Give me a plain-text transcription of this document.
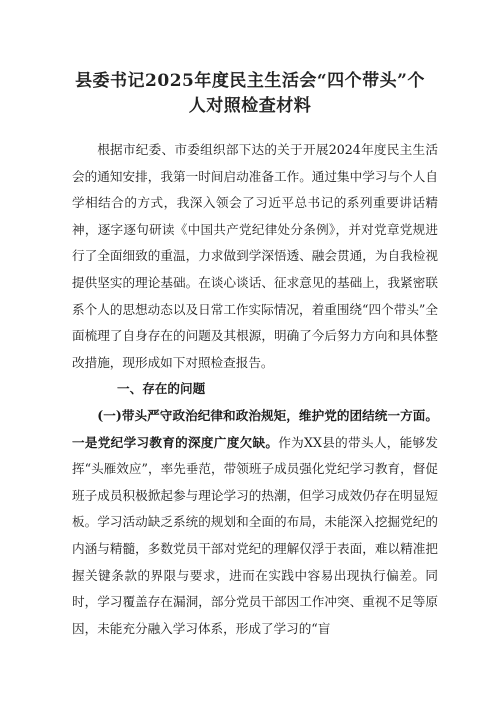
县委书记2025年度民主生活会“四个带头”个
人对照检查材料

根据市纪委、市委组织部下达的关于开展2024年度民主生活会的通知安排，我第一时间启动准备工作。通过集中学习与个人自学相结合的方式，我深入领会了习近平总书记的系列重要讲话精神，逐字逐句研读《中国共产党纪律处分条例》，并对党章党规进行了全面细致的重温，力求做到学深悟透、融会贯通，为自我检视提供坚实的理论基础。在谈心谈话、征求意见的基础上，我紧密联系个人的思想动态以及日常工作实际情况，着重围绕“四个带头”全面梳理了自身存在的问题及其根源，明确了今后努力方向和具体整改措施，现形成如下对照检查报告。

一、存在的问题

(一)带头严守政治纪律和政治规矩，维护党的团结统一方面。一是党纪学习教育的深度广度欠缺。作为XX县的带头人，能够发挥“头雁效应”，率先垂范，带领班子成员强化党纪学习教育，督促班子成员积极掀起参与理论学习的热潮，但学习成效仍存在明显短板。学习活动缺乏系统的规划和全面的布局，未能深入挖掘党纪的内涵与精髓，多数党员干部对党纪的理解仅浮于表面，难以精准把握关键条款的界限与要求，进而在实践中容易出现执行偏差。同时，学习覆盖存在漏洞，部分党员干部因工作冲突、重视不足等原因，未能充分融入学习体系，形成了学习的“盲
